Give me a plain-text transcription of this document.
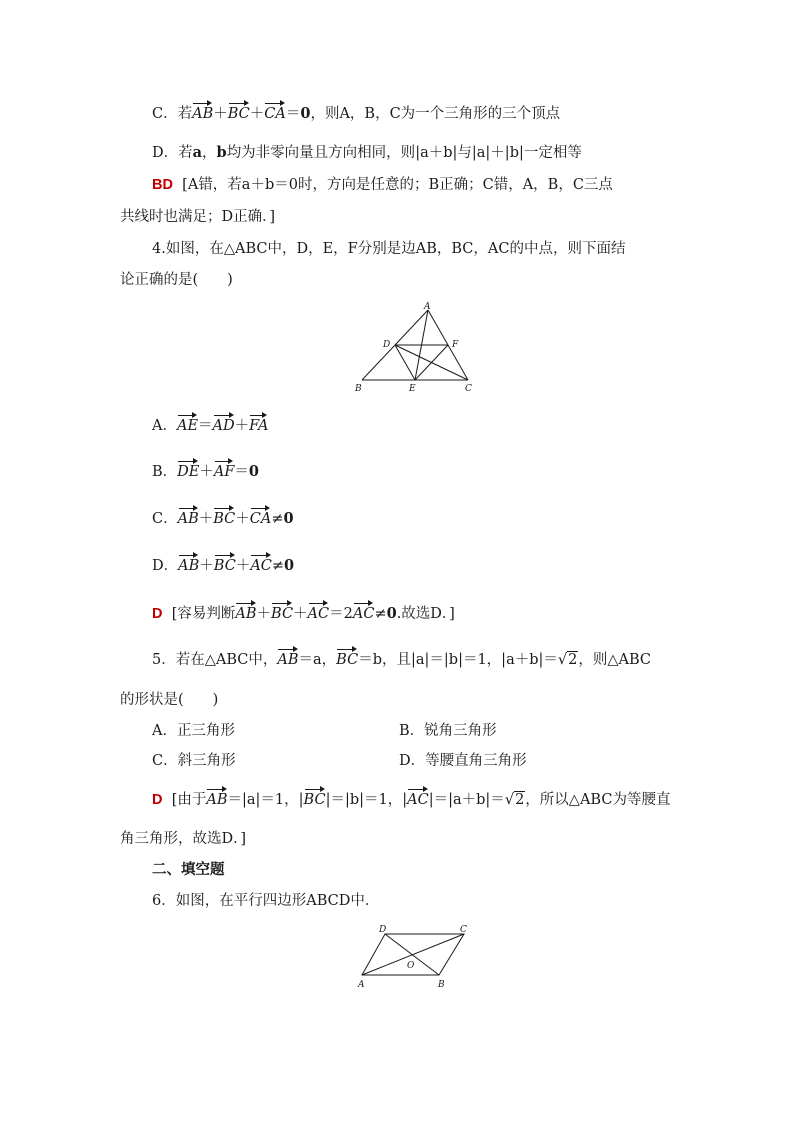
C．若AB＋BC＋CA＝0，则A，B，C为一个三角形的三个顶点
D．若a，b均为非零向量且方向相同，则|a＋b|与|a|＋|b|一定相等
BD [A错，若a＋b＝0时，方向是任意的；B正确；C错，A，B，C三点
共线时也满足；D正确．]
4.如图，在△ABC中，D，E，F分别是边AB，BC，AC的中点，则下面结
论正确的是(　　)
A
B	C
D
E
F
A．AE＝AD＋FA
B．DE＋AF＝0
C．AB＋BC＋CA≠0
D．AB＋BC＋AC≠0
D [容易判断AB＋BC＋AC＝2AC≠0.故选D．]
5．若在△ABC中，AB＝a，BC＝b，且|a|＝|b|＝1，|a＋b|＝√2，则△ABC
的形状是(　　)
A．正三角形	B．锐角三角形
C．斜三角形	D．等腰直角三角形
D [由于AB＝|a|＝1，|BC|＝|b|＝1，|AC|＝|a＋b|＝√2，所以△ABC为等腰直
角三角形，故选D．]
二、填空题
6．如图，在平行四边形ABCD中．
A	B
C
D
O
